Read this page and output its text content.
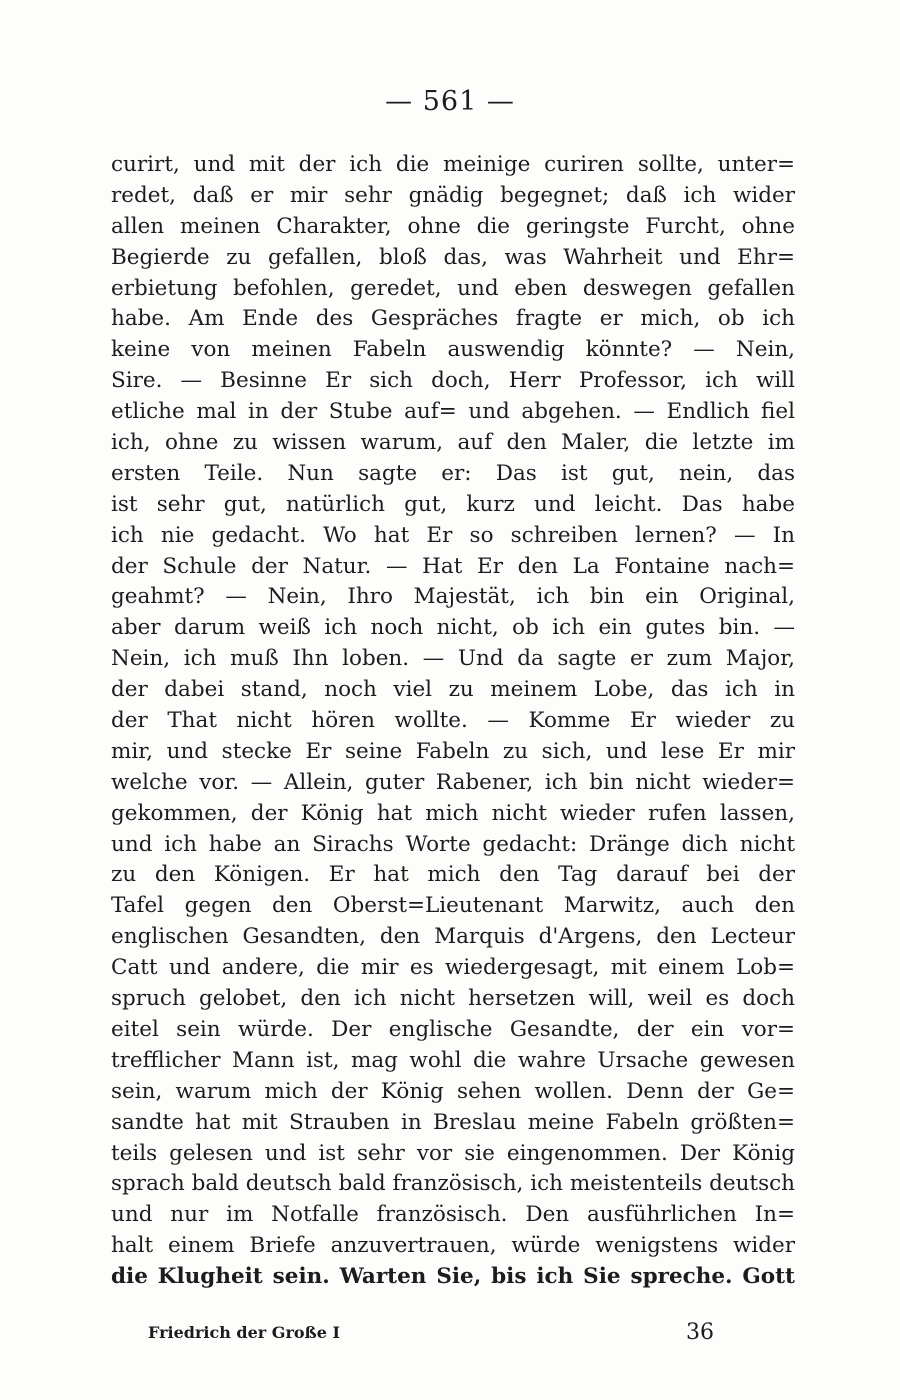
— 561 —
curirt, und mit der ich die meinige curiren sollte, unter=
redet, daß er mir sehr gnädig begegnet; daß ich wider
allen meinen Charakter, ohne die geringste Furcht, ohne
Begierde zu gefallen, bloß das, was Wahrheit und Ehr=
erbietung befohlen, geredet, und eben deswegen gefallen
habe. Am Ende des Gespräches fragte er mich, ob ich
keine von meinen Fabeln auswendig könnte? — Nein,
Sire. — Besinne Er sich doch, Herr Professor, ich will
etliche mal in der Stube auf= und abgehen. — Endlich fiel
ich, ohne zu wissen warum, auf den Maler, die letzte im
ersten Teile. Nun sagte er: Das ist gut, nein, das
ist sehr gut, natürlich gut, kurz und leicht. Das habe
ich nie gedacht. Wo hat Er so schreiben lernen? — In
der Schule der Natur. — Hat Er den La Fontaine nach=
geahmt? — Nein, Ihro Majestät, ich bin ein Original,
aber darum weiß ich noch nicht, ob ich ein gutes bin. —
Nein, ich muß Ihn loben. — Und da sagte er zum Major,
der dabei stand, noch viel zu meinem Lobe, das ich in
der That nicht hören wollte. — Komme Er wieder zu
mir, und stecke Er seine Fabeln zu sich, und lese Er mir
welche vor. — Allein, guter Rabener, ich bin nicht wieder=
gekommen, der König hat mich nicht wieder rufen lassen,
und ich habe an Sirachs Worte gedacht: Dränge dich nicht
zu den Königen. Er hat mich den Tag darauf bei der
Tafel gegen den Oberst=Lieutenant Marwitz, auch den
englischen Gesandten, den Marquis d'Argens, den Lecteur
Catt und andere, die mir es wiedergesagt, mit einem Lob=
spruch gelobet, den ich nicht hersetzen will, weil es doch
eitel sein würde. Der englische Gesandte, der ein vor=
trefflicher Mann ist, mag wohl die wahre Ursache gewesen
sein, warum mich der König sehen wollen. Denn der Ge=
sandte hat mit Strauben in Breslau meine Fabeln größten=
teils gelesen und ist sehr vor sie eingenommen. Der König
sprach bald deutsch bald französisch, ich meistenteils deutsch
und nur im Notfalle französisch. Den ausführlichen In=
halt einem Briefe anzuvertrauen, würde wenigstens wider
die Klugheit sein. Warten Sie, bis ich Sie spreche. Gott
Friedrich der Große I	36
